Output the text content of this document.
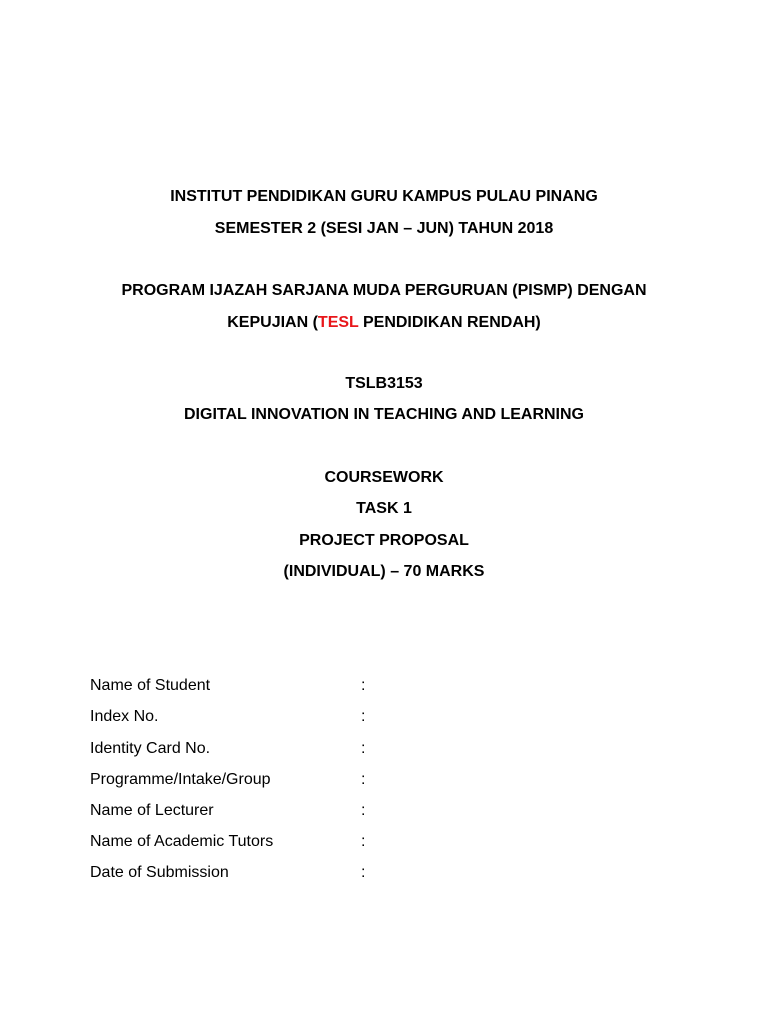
INSTITUT PENDIDIKAN GURU KAMPUS PULAU PINANG
SEMESTER 2 (SESI JAN – JUN) TAHUN 2018
PROGRAM IJAZAH SARJANA MUDA PERGURUAN (PISMP) DENGAN
KEPUJIAN (TESL PENDIDIKAN RENDAH)
TSLB3153
DIGITAL INNOVATION IN TEACHING AND LEARNING
COURSEWORK
TASK 1
PROJECT PROPOSAL
(INDIVIDUAL) – 70 MARKS
Name of Student	:
Index No.	:
Identity Card No.	:
Programme/Intake/Group	:
Name of Lecturer	:
Name of Academic Tutors	:
Date of Submission	:
